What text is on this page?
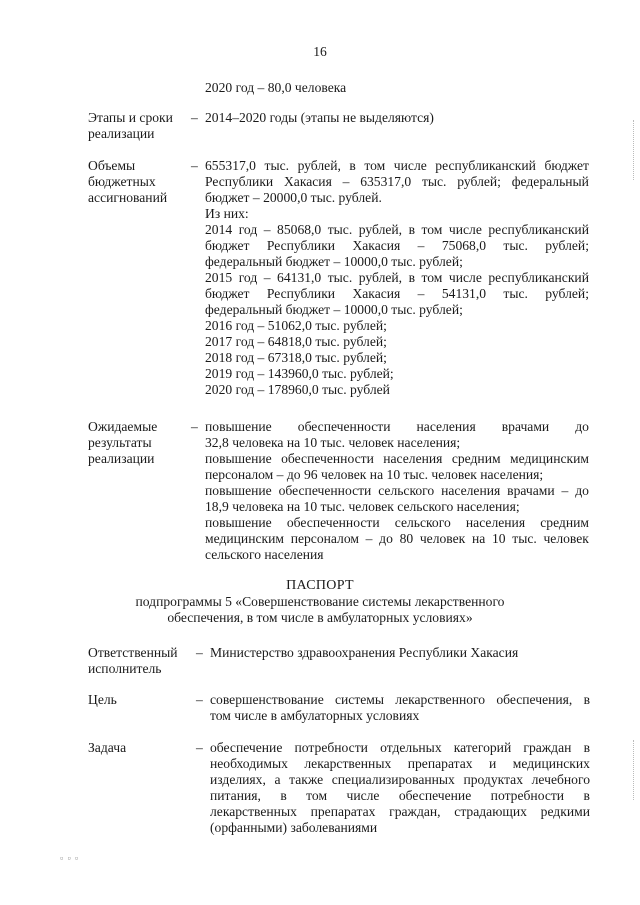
16
2020 год – 80,0 человека
Этапы и сроки
реализации
– 2014–2020 годы (этапы не выделяются)
Объемы
бюджетных
ассигнований
– 655317,0 тыс. рублей, в том числе республиканский бюджет
Республики Хакасия – 635317,0 тыс. рублей; федеральный
бюджет – 20000,0 тыс. рублей.
Из них:
2014 год – 85068,0 тыс. рублей, в том числе республиканский
бюджет Республики Хакасия – 75068,0 тыс. рублей;
федеральный бюджет – 10000,0 тыс. рублей;
2015 год – 64131,0 тыс. рублей, в том числе республиканский
бюджет Республики Хакасия – 54131,0 тыс. рублей;
федеральный бюджет – 10000,0 тыс. рублей;
2016 год – 51062,0 тыс. рублей;
2017 год – 64818,0 тыс. рублей;
2018 год – 67318,0 тыс. рублей;
2019 год – 143960,0 тыс. рублей;
2020 год – 178960,0 тыс. рублей
Ожидаемые
результаты
реализации
– повышение обеспеченности населения врачами до
32,8 человека на 10 тыс. человек населения;
повышение обеспеченности населения средним медицинским
персоналом – до 96 человек на 10 тыс. человек населения;
повышение обеспеченности сельского населения врачами – до
18,9 человека на 10 тыс. человек сельского населения;
повышение обеспеченности сельского населения средним
медицинским персоналом – до 80 человек на 10 тыс. человек
сельского населения
ПАСПОРТ
подпрограммы 5 «Совершенствование системы лекарственного
обеспечения, в том числе в амбулаторных условиях»
Ответственный
исполнитель
– Министерство здравоохранения Республики Хакасия
Цель	– совершенствование системы лекарственного обеспечения, в
том числе в амбулаторных условиях
Задача	– обеспечение потребности отдельных категорий граждан в
необходимых лекарственных препаратах и медицинских
изделиях, а также специализированных продуктах лечебного
питания, в том числе обеспечение потребности в
лекарственных препаратах граждан, страдающих редкими
(орфанными) заболеваниями
▫ ▫ ▫
